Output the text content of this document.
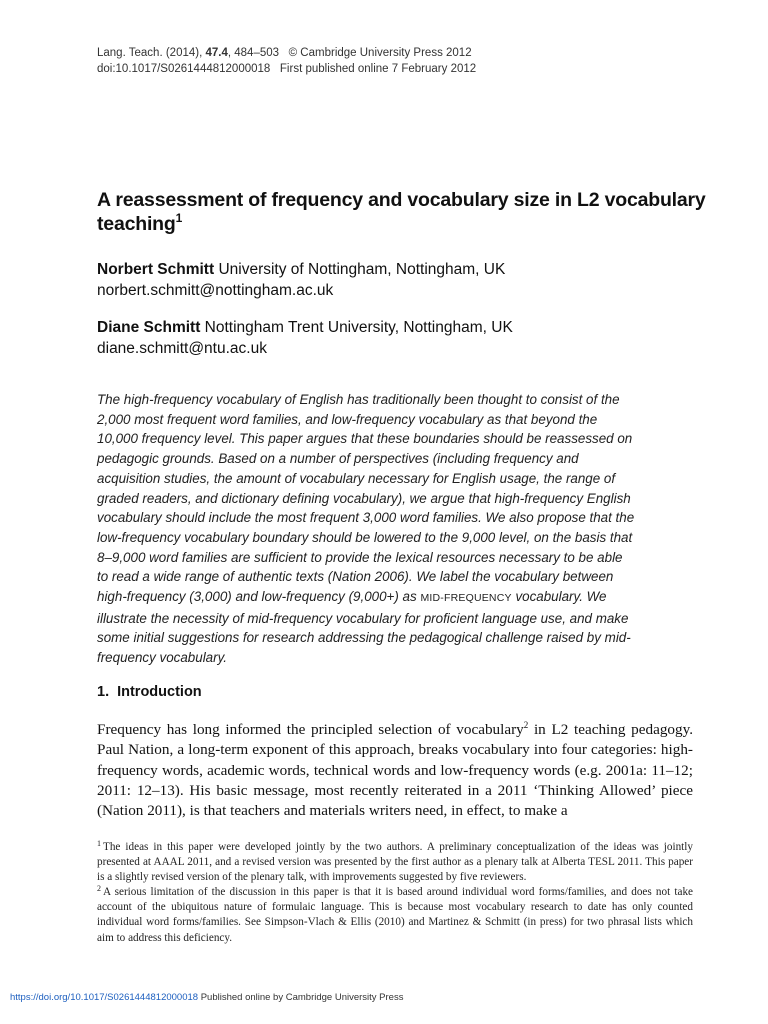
Lang. Teach. (2014), 47.4, 484–503 © Cambridge University Press 2012
doi:10.1017/S0261444812000018 First published online 7 February 2012
A reassessment of frequency and vocabulary size in L2 vocabulary teaching$^1$
Norbert Schmitt University of Nottingham, Nottingham, UK
norbert.schmitt@nottingham.ac.uk
Diane Schmitt Nottingham Trent University, Nottingham, UK
diane.schmitt@ntu.ac.uk
The high-frequency vocabulary of English has traditionally been thought to consist of the 2,000 most frequent word families, and low-frequency vocabulary as that beyond the 10,000 frequency level. This paper argues that these boundaries should be reassessed on pedagogic grounds. Based on a number of perspectives (including frequency and acquisition studies, the amount of vocabulary necessary for English usage, the range of graded readers, and dictionary defining vocabulary), we argue that high-frequency English vocabulary should include the most frequent 3,000 word families. We also propose that the low-frequency vocabulary boundary should be lowered to the 9,000 level, on the basis that 8–9,000 word families are sufficient to provide the lexical resources necessary to be able to read a wide range of authentic texts (Nation 2006). We label the vocabulary between high-frequency (3,000) and low-frequency (9,000+) as MID-FREQUENCY vocabulary. We illustrate the necessity of mid-frequency vocabulary for proficient language use, and make some initial suggestions for research addressing the pedagogical challenge raised by mid-frequency vocabulary.
1. Introduction
Frequency has long informed the principled selection of vocabulary$^2$ in L2 teaching pedagogy. Paul Nation, a long-term exponent of this approach, breaks vocabulary into four categories: high-frequency words, academic words, technical words and low-frequency words (e.g. 2001a: 11–12; 2011: 12–13). His basic message, most recently reiterated in a 2011 ‘Thinking Allowed’ piece (Nation 2011), is that teachers and materials writers need, in effect, to make a

$^1$ The ideas in this paper were developed jointly by the two authors. A preliminary conceptualization of the ideas was jointly presented at AAAL 2011, and a revised version was presented by the first author as a plenary talk at Alberta TESL 2011. This paper is a slightly revised version of the plenary talk, with improvements suggested by five reviewers.

$^2$ A serious limitation of the discussion in this paper is that it is based around individual word forms/families, and does not take account of the ubiquitous nature of formulaic language. This is because most vocabulary research to date has only counted individual word forms/families. See Simpson-Vlach & Ellis (2010) and Martinez & Schmitt (in press) for two phrasal lists which aim to address this deficiency.

https://doi.org/10.1017/S0261444812000018 Published online by Cambridge University Press
